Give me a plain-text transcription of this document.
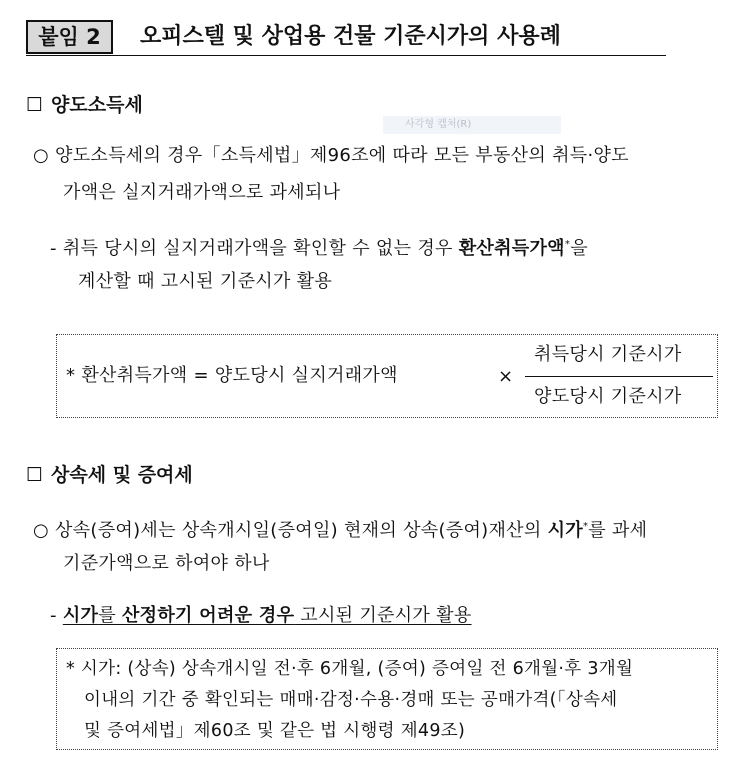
붙임 2	오피스텔 및 상업용 건물 기준시가의 사용례
☐ 양도소득세
사각형 캡처(R)
○ 양도소득세의 경우「소득세법」제96조에 따라 모든 부동산의 취득·양도
가액은 실지거래가액으로 과세되나
- 취득 당시의 실지거래가액을 확인할 수 없는 경우 환산취득가액*을
계산할 때 고시된 기준시가 활용
* 환산취득가액 = 양도당시 실지거래가액	×
취득당시 기준시가
양도당시 기준시가
☐ 상속세 및 증여세
○ 상속(증여)세는 상속개시일(증여일) 현재의 상속(증여)재산의 시가*를 과세
기준가액으로 하여야 하나
- 시가를 산정하기 어려운 경우 고시된 기준시가 활용
* 시가: (상속) 상속개시일 전·후 6개월, (증여) 증여일 전 6개월·후 3개월
이내의 기간 중 확인되는 매매·감정·수용·경매 또는 공매가격(「상속세
및 증여세법」제60조 및 같은 법 시행령 제49조)
